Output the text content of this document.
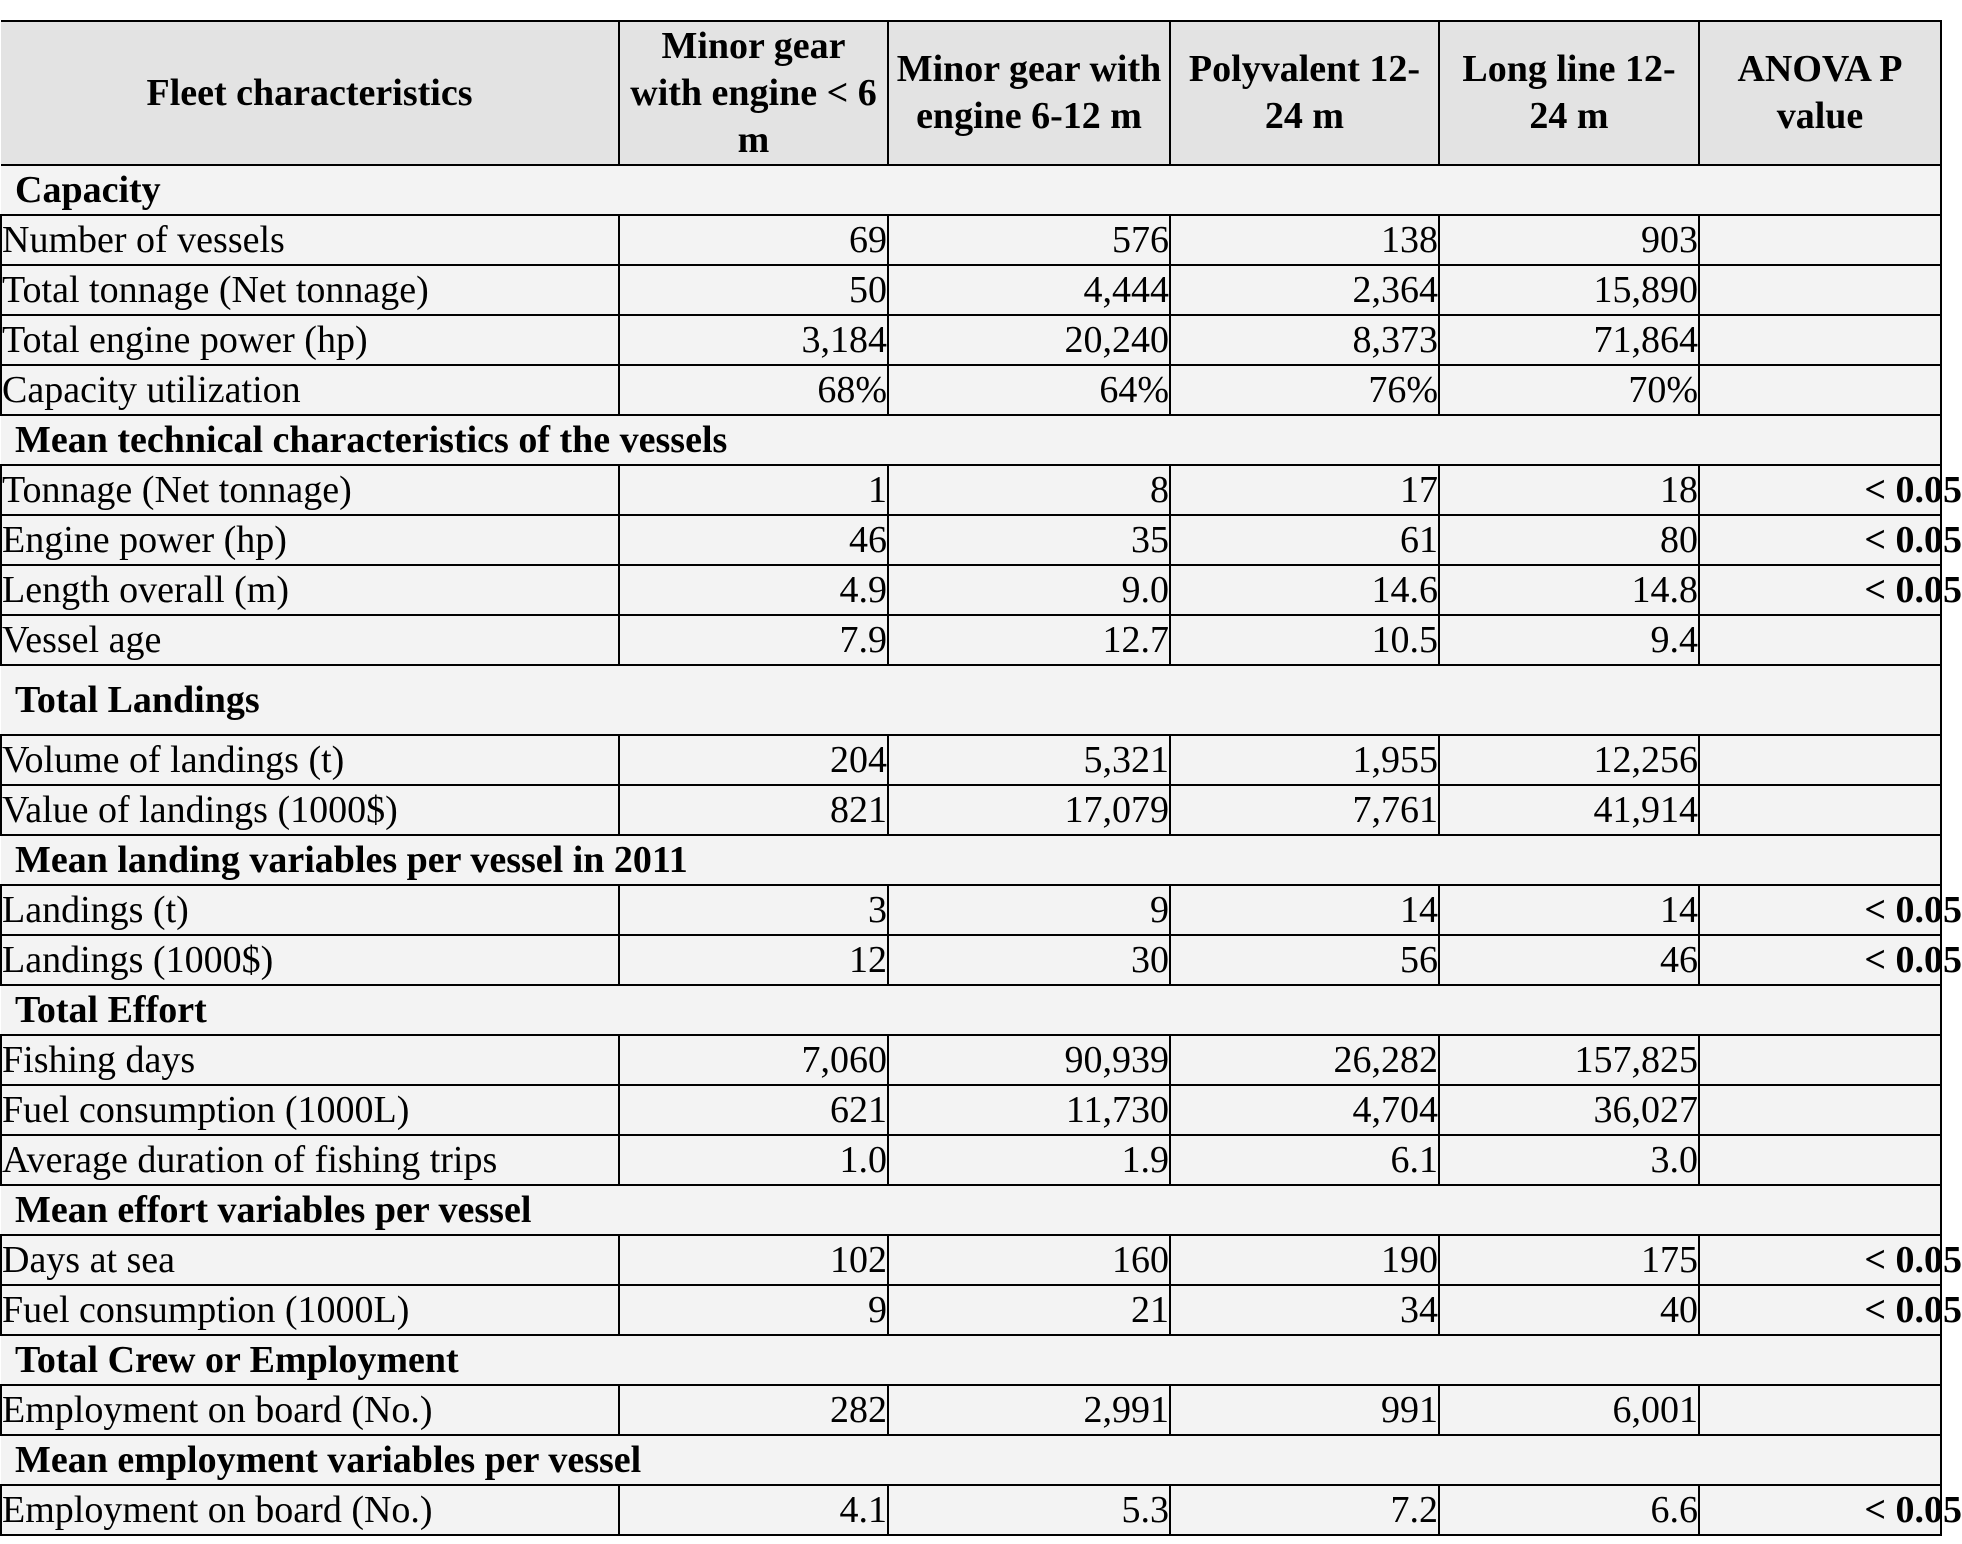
Fleet characteristics	Minor gear with engine < 6 m	Minor gear with engine 6-12 m	Polyvalent 12-24 m	Long line 12-24 m	ANOVA P value
Capacity					
Number of vessels	69	576	138	903	
Total tonnage (Net tonnage)	50	4,444	2,364	15,890	
Total engine power (hp)	3,184	20,240	8,373	71,864	
Capacity utilization	68%	64%	76%	70%	
Mean technical characteristics of the vessels					
Tonnage (Net tonnage)	1	8	17	18	< 0.05
Engine power (hp)	46	35	61	80	< 0.05
Length overall (m)	4.9	9.0	14.6	14.8	< 0.05
Vessel age	7.9	12.7	10.5	9.4	
Total Landings					
Volume of landings (t)	204	5,321	1,955	12,256	
Value of landings (1000$)	821	17,079	7,761	41,914	
Mean landing variables per vessel in 2011					
Landings (t)	3	9	14	14	< 0.05
Landings (1000$)	12	30	56	46	< 0.05
Total Effort					
Fishing days	7,060	90,939	26,282	157,825	
Fuel consumption (1000L)	621	11,730	4,704	36,027	
Average duration of fishing trips	1.0	1.9	6.1	3.0	
Mean effort variables per vessel					
Days at sea	102	160	190	175	< 0.05
Fuel consumption (1000L)	9	21	34	40	< 0.05
Total Crew or Employment					
Employment on board (No.)	282	2,991	991	6,001	
Mean employment variables per vessel					
Employment on board (No.)	4.1	5.3	7.2	6.6	< 0.05
